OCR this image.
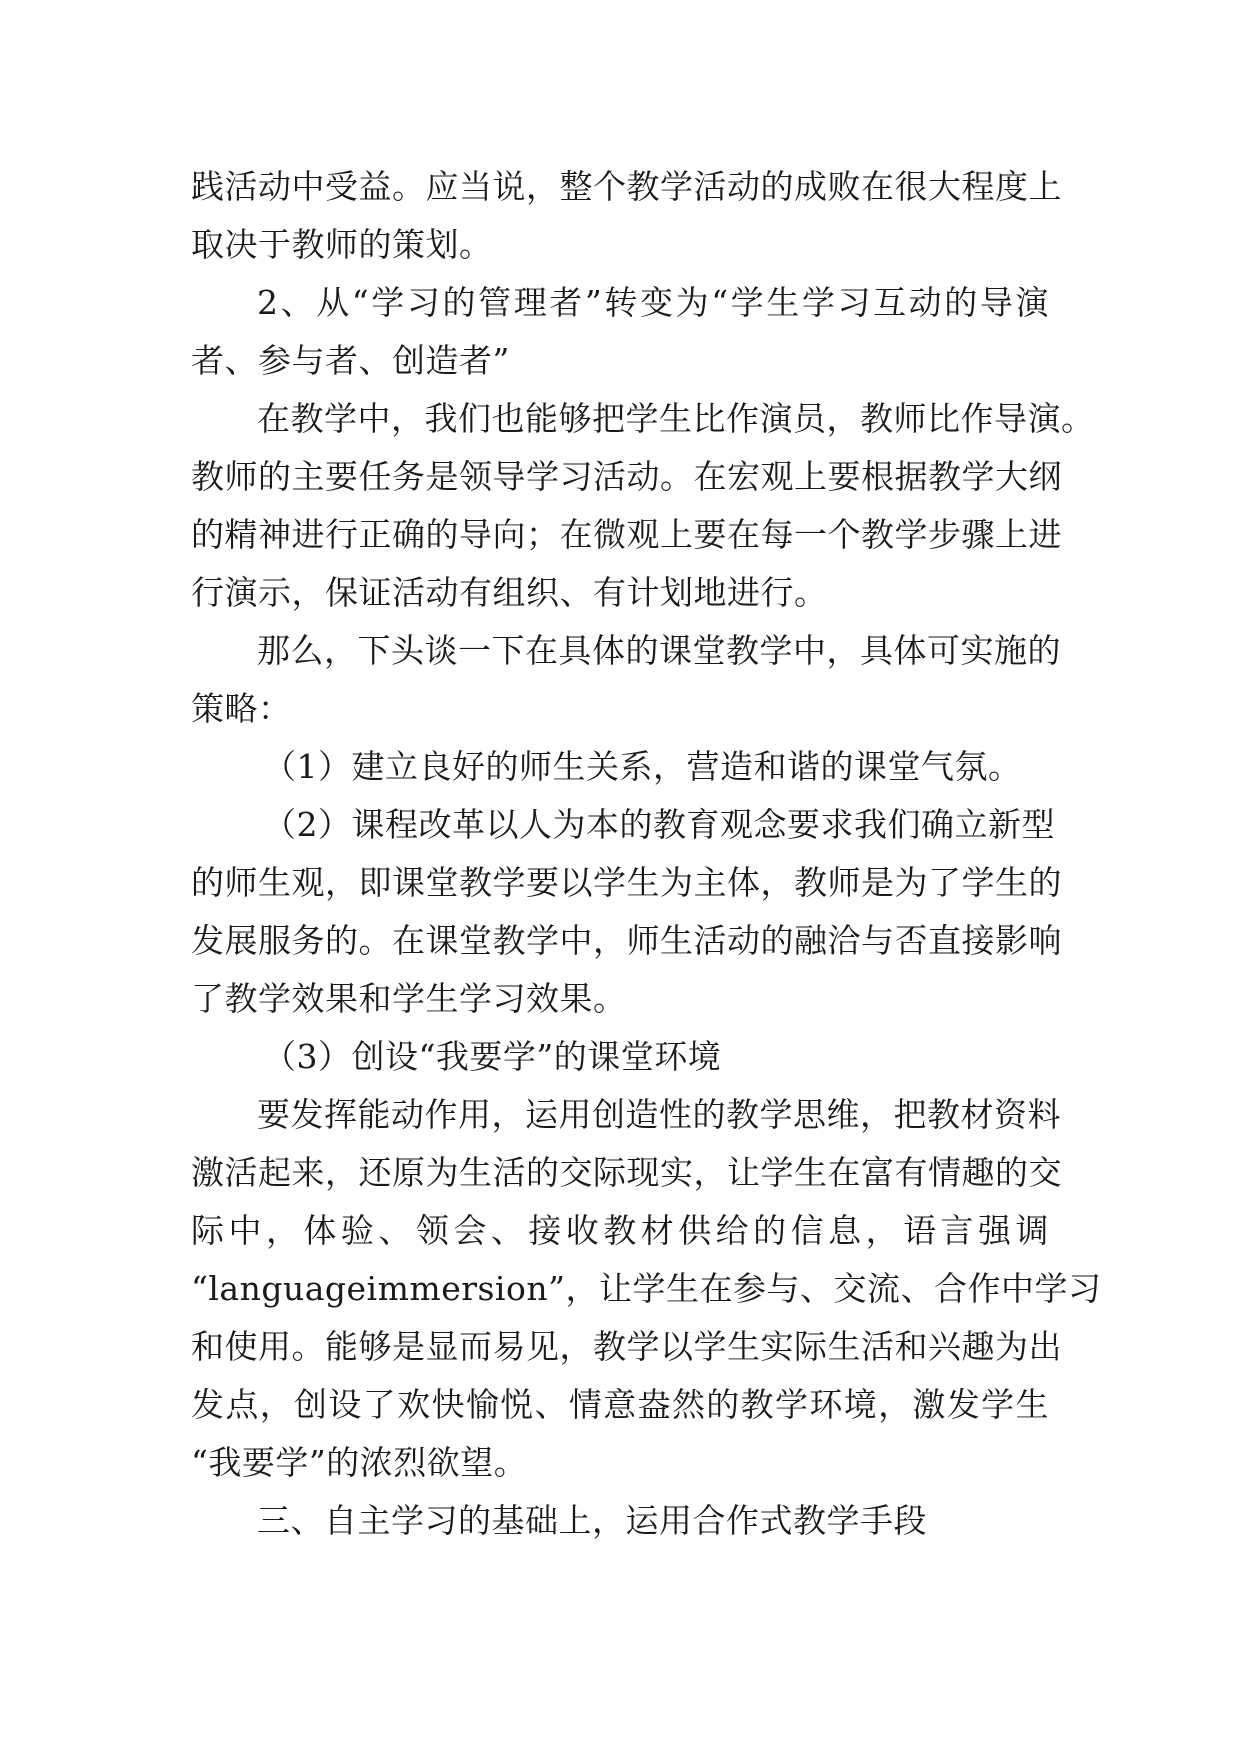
践活动中受益。应当说，整个教学活动的成败在很大程度上
取决于教师的策划。
2、从“学习的管理者”转变为“学生学习互动的导演
者、参与者、创造者”
在教学中，我们也能够把学生比作演员，教师比作导演。
教师的主要任务是领导学习活动。在宏观上要根据教学大纲
的精神进行正确的导向；在微观上要在每一个教学步骤上进
行演示，保证活动有组织、有计划地进行。
那么，下头谈一下在具体的课堂教学中，具体可实施的
策略：
（1）建立良好的师生关系，营造和谐的课堂气氛。
（2）课程改革以人为本的教育观念要求我们确立新型
的师生观，即课堂教学要以学生为主体，教师是为了学生的
发展服务的。在课堂教学中，师生活动的融洽与否直接影响
了教学效果和学生学习效果。
（3）创设“我要学”的课堂环境
要发挥能动作用，运用创造性的教学思维，把教材资料
激活起来，还原为生活的交际现实，让学生在富有情趣的交
际中，体验、领会、接收教材供给的信息，语言强调
“languageimmersion”，让学生在参与、交流、合作中学习
和使用。能够是显而易见，教学以学生实际生活和兴趣为出
发点，创设了欢快愉悦、情意盎然的教学环境，激发学生
“我要学”的浓烈欲望。
三、自主学习的基础上，运用合作式教学手段
